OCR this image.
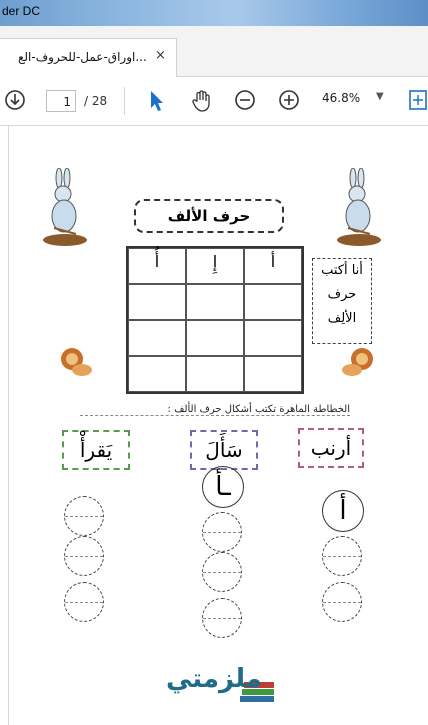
der DC
اوراق-عمل-للحروف-الع... ×
1	/ 28	46.8% ▼
حرف الألف
أُ	إِ	أ	أنا أكتب
حرف
الألِف
الخطاطة الماهرة تكتب أشكال حرف الألف :
أرنب
سَأَلَ
يَقرأْ
أ
ـأ
ملزمتي
